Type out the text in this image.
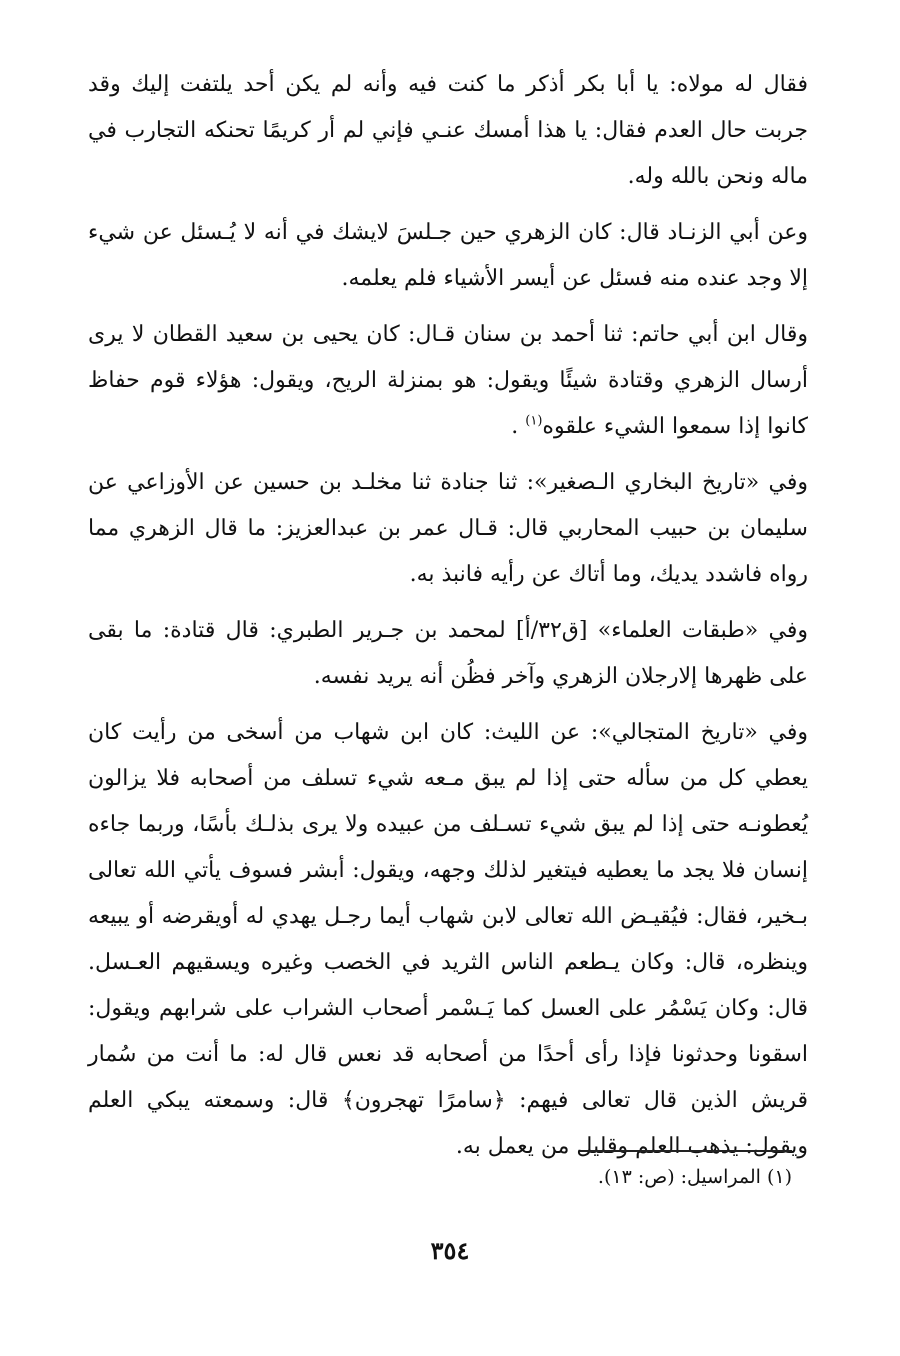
فقال له مولاه: يا أبا بكر أذكر ما كنت فيه وأنه لم يكن أحد يلتفت إليك وقد جربت حال العدم فقال: يا هذا أمسك عنـي فإني لم أر كريمًا تحنكه التجارب في ماله ونحن بالله وله.

وعن أبي الزنـاد قال: كان الزهري حين جـلسَ لايشك في أنه لا يُـسئل عن شيء إلا وجد عنده منه فسئل عن أيسر الأشياء فلم يعلمه.

وقال ابن أبي حاتم: ثنا أحمد بن سنان قـال: كان يحيى بن سعيد القطان لا يرى أرسال الزهري وقتادة شيئًا ويقول: هو بمنزلة الريح، ويقول: هؤلاء قوم حفاظ كانوا إذا سمعوا الشيء علقوه$^{(١)}$ .

وفي «تاريخ البخاري الـصغير»: ثنا جنادة ثنا مخلـد بن حسين عن الأوزاعي عن سليمان بن حبيب المحاربي قال: قـال عمر بن عبدالعزيز: ما قال الزهري مما رواه فاشدد يديك، وما أتاك عن رأيه فانبذ به.

وفي «طبقات العلماء» [ق٣٢/أ] لمحمد بن جـرير الطبري: قال قتادة: ما بقى على ظهرها إلارجلان الزهري وآخر فظُن أنه يريد نفسه.

وفي «تاريخ المتجالي»: عن الليث: كان ابن شهاب من أسخى من رأيت كان يعطي كل من سأله حتى إذا لم يبق مـعه شيء تسلف من أصحابه فلا يزالون يُعطونـه حتى إذا لم يبق شيء تسـلف من عبيده ولا يرى بذلـك بأسًا، وربما جاءه إنسان فلا يجد ما يعطيه فيتغير لذلك وجهه، ويقول: أبشر فسوف يأتي الله تعالى بـخير، فقال: فيُقيـض الله تعالى لابن شهاب أيما رجـل يهدي له أويقرضه أو يبيعه وينظره، قال: وكان يـطعم الناس الثريد في الخصب وغيره ويسقيهم العـسل. قال: وكان يَسْمُر على العسل كما يَـسْمر أصحاب الشراب على شرابهم ويقول: اسقونا وحدثونا فإذا رأى أحدًا من أصحابه قد نعس قال له: ما أنت من سُمار قريش الذين قال تعالى فيهم: ﴿سامرًا تهجرون﴾ قال: وسمعته يبكي العلم ويقول: يذهب العلم وقليل من يعمل به.

(١) المراسيل: (ص: ١٣).
٣٥٤
